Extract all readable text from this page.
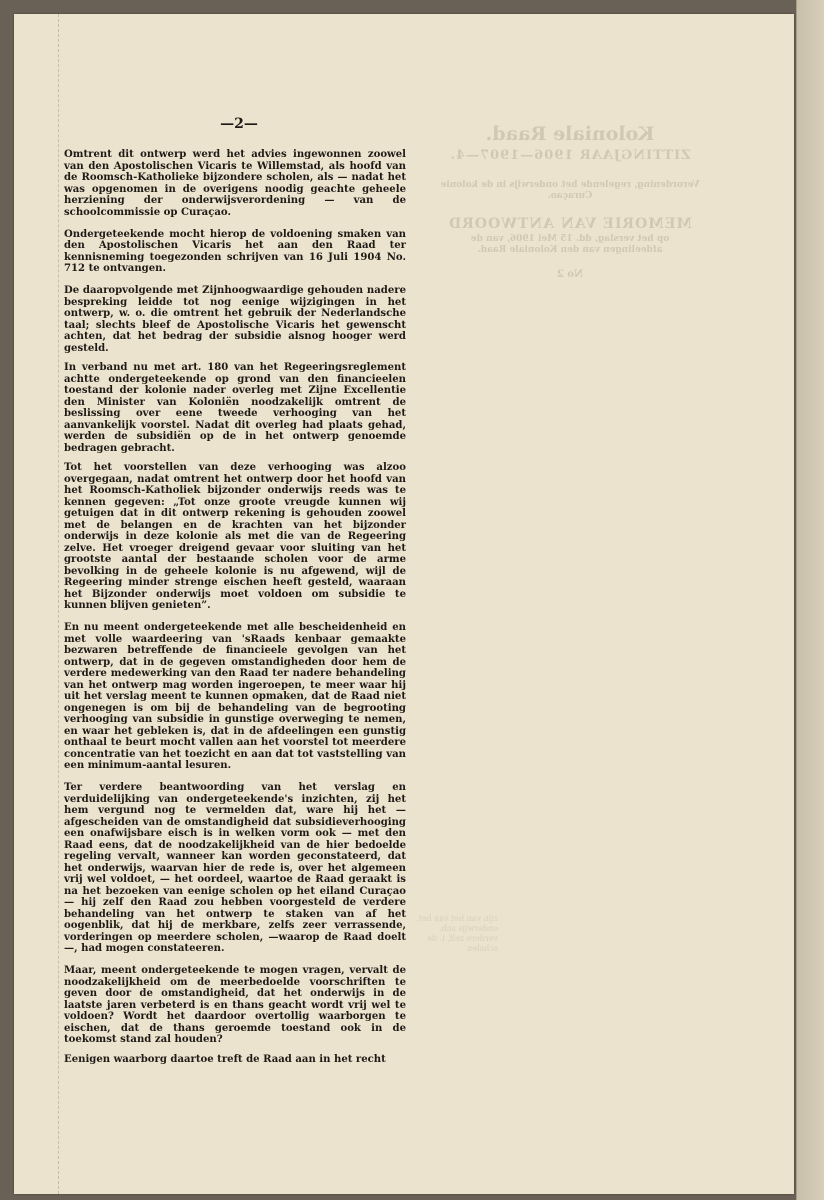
Koloniale Raad.
ZITTINGJAAR 1906—1907—4.
Verordening, regelende het onderwijs in de kolonie Curaçao.
MEMORIE VAN ANTWOORD
op het verslag, dd. 15 Mei 1906, van de afdeelingen van den Koloniale Raad.
No 2
zijn van het van het onderwijs sub. verdere zelf, i. de scholen
—2—

Omtrent dit ontwerp werd het advies ingewonnen zoowel van den Apostolischen Vicaris te Willemstad, als hoofd van de Roomsch-Katholieke bijzondere scholen, als — nadat het was opgenomen in de overigens noodig geachte geheele herziening der onderwijsverordening — van de schoolcommissie op Curaçao.

Ondergeteekende mocht hierop de voldoening smaken van den Apostolischen Vicaris het aan den Raad ter kennisneming toegezonden schrijven van 16 Juli 1904 No. 712 te ontvangen.

De daaropvolgende met Zijnhoogwaardige gehouden nadere bespreking leidde tot nog eenige wijzigingen in het ontwerp, w. o. die omtrent het gebruik der Nederlandsche taal; slechts bleef de Apostolische Vicaris het gewenscht achten, dat het bedrag der subsidie alsnog hooger werd gesteld.

In verband nu met art. 180 van het Regeeringsreglement achtte ondergeteekende op grond van den financieelen toestand der kolonie nader overleg met Zijne Excellentie den Minister van Koloniën noodzakelijk omtrent de beslissing over eene tweede verhooging van het aanvankelijk voorstel. Nadat dit overleg had plaats gehad, werden de subsidiën op de in het ontwerp genoemde bedragen gebracht.

Tot het voorstellen van deze verhooging was alzoo overgegaan, nadat omtrent het ontwerp door het hoofd van het Roomsch-Katholiek bijzonder onderwijs reeds was te kennen gegeven: „Tot onze groote vreugde kunnen wij getuigen dat in dit ontwerp rekening is gehouden zoowel met de belangen en de krachten van het bijzonder onderwijs in deze kolonie als met die van de Regeering zelve. Het vroeger dreigend gevaar voor sluiting van het grootste aantal der bestaande scholen voor de arme bevolking in de geheele kolonie is nu afgewend, wijl de Regeering minder strenge eischen heeft gesteld, waaraan het Bijzonder onderwijs moet voldoen om subsidie te kunnen blijven genieten”.

En nu meent ondergeteekende met alle bescheidenheid en met volle waardeering van 'sRaads kenbaar gemaakte bezwaren betreffende de financieele gevolgen van het ontwerp, dat in de gegeven omstandigheden door hem de verdere medewerking van den Raad ter nadere behandeling van het ontwerp mag worden ingeroepen, te meer waar hij uit het verslag meent te kunnen opmaken, dat de Raad niet ongenegen is om bij de behandeling van de begrooting verhooging van subsidie in gunstige overweging te nemen, en waar het gebleken is, dat in de afdeelingen een gunstig onthaal te beurt mocht vallen aan het voorstel tot meerdere concentratie van het toezicht en aan dat tot vaststelling van een minimum-aantal lesuren.

Ter verdere beantwoording van het verslag en verduidelijking van ondergeteekende's inzichten, zij het hem vergund nog te vermelden dat, ware hij het — afgescheiden van de omstandigheid dat subsidieverhooging een onafwijsbare eisch is in welken vorm ook — met den Raad eens, dat de noodzakelijkheid van de hier bedoelde regeling vervalt, wanneer kan worden geconstateerd, dat het onderwijs, waarvan hier de rede is, over het algemeen vrij wel voldoet, — het oordeel, waartoe de Raad geraakt is na het bezoeken van eenige scholen op het eiland Curaçao — hij zelf den Raad zou hebben voorgesteld de verdere behandeling van het ontwerp te staken van af het oogenblik, dat hij de merkbare, zelfs zeer verrassende, vorderingen op meerdere scholen, —waarop de Raad doelt—, had mogen constateeren.

Maar, meent ondergeteekende te mogen vragen, vervalt de noodzakelijkheid om de meerbedoelde voorschriften te geven door de omstandigheid, dat het onderwijs in de laatste jaren verbeterd is en thans geacht wordt vrij wel te voldoen? Wordt het daardoor overtollig waarborgen te eischen, dat de thans geroemde toestand ook in de toekomst stand zal houden?

Eenigen waarborg daartoe treft de Raad aan in het recht
